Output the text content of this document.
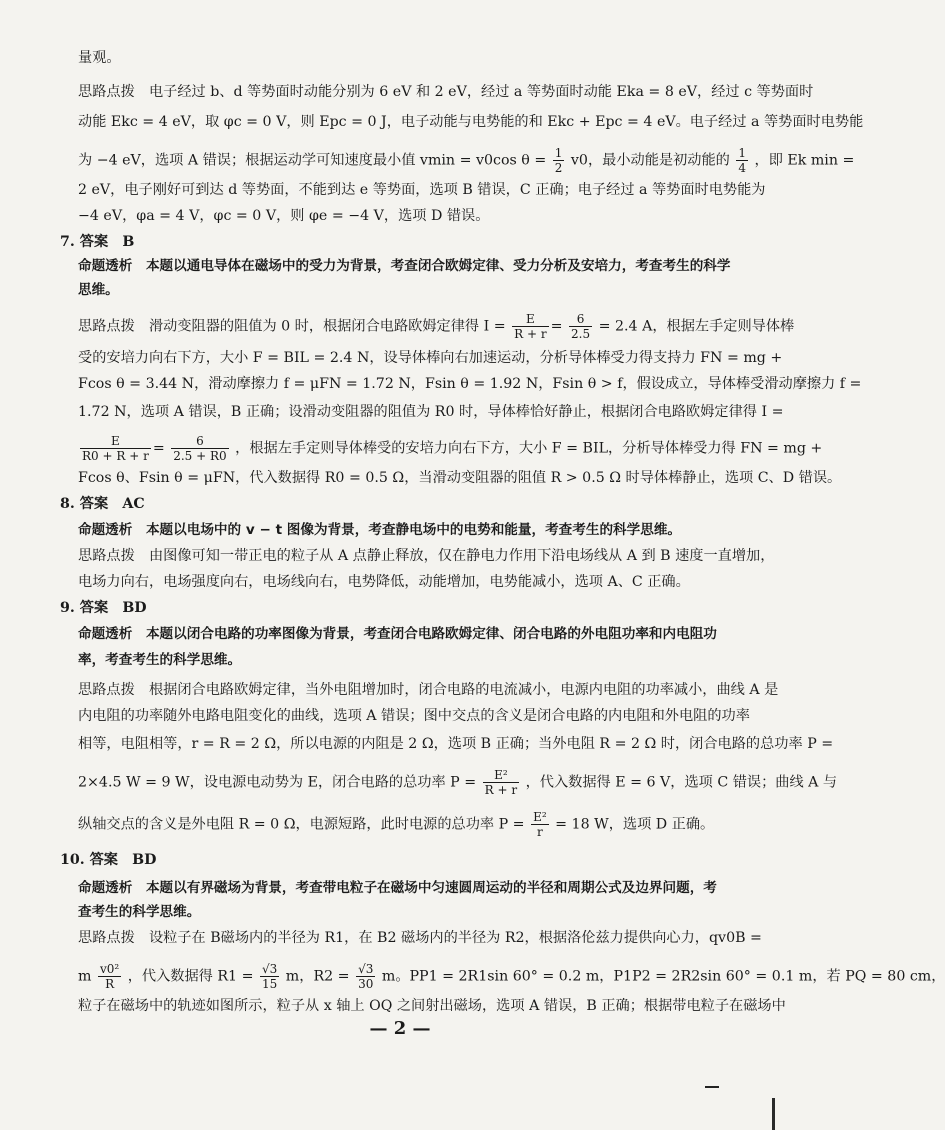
量观。
思路点拨　电子经过 b、d 等势面时动能分别为 6 eV 和 2 eV，经过 a 等势面时动能 Eka = 8 eV，经过 c 等势面时
动能 Ekc = 4 eV，取 φc = 0 V，则 Epc = 0 J，电子动能与电势能的和 Ekc + Epc = 4 eV。电子经过 a 等势面时电势能
为 −4 eV，选项 A 错误；根据运动学可知速度最小值 vmin = v0cos $\theta = \frac{1}{2} v0$，最小动能是初动能的 $\frac{1}{4}$ ，即 Ek min =
2 eV，电子刚好可到达 d 等势面，不能到达 e 等势面，选项 B 错误，C 正确；电子经过 a 等势面时电势能为
−4 eV，φa = 4 V，φc = 0 V，则 φe = −4 V，选项 D 错误。
7. 答案　B
命题透析　本题以通电导体在磁场中的受力为背景，考查闭合欧姆定律、受力分析及安培力，考查考生的科学
思维。
思路点拨　滑动变阻器的阻值为 0 时，根据闭合电路欧姆定律得 $I = \frac{E}{R + r} = \frac{6}{2.5} = 2.4$ A，根据左手定则导体棒
受的安培力向右下方，大小 F = BIL = 2.4 N，设导体棒向右加速运动，分析导体棒受力得支持力 FN = mg +
Fcos θ = 3.44 N，滑动摩擦力 f = μFN = 1.72 N，Fsin θ = 1.92 N，Fsin θ > f，假设成立，导体棒受滑动摩擦力 f =
1.72 N，选项 A 错误，B 正确；设滑动变阻器的阻值为 R0 时，导体棒恰好静止，根据闭合电路欧姆定律得 I =
$\frac{E}{R0 + R + r} = \frac{6}{2.5 + R0}$ ，根据左手定则导体棒受的安培力向右下方，大小 F = BIL，分析导体棒受力得 FN = mg +
Fcos θ、Fsin θ = μFN，代入数据得 R0 = 0.5 Ω，当滑动变阻器的阻值 R > 0.5 Ω 时导体棒静止，选项 C、D 错误。
8. 答案　AC
命题透析　本题以电场中的 v − t 图像为背景，考查静电场中的电势和能量，考查考生的科学思维。
思路点拨　由图像可知一带正电的粒子从 A 点静止释放，仅在静电力作用下沿电场线从 A 到 B 速度一直增加，
电场力向右，电场强度向右，电场线向右，电势降低，动能增加，电势能减小，选项 A、C 正确。
9. 答案　BD
命题透析　本题以闭合电路的功率图像为背景，考查闭合电路欧姆定律、闭合电路的外电阻功率和内电阻功
率，考查考生的科学思维。
思路点拨　根据闭合电路欧姆定律，当外电阻增加时，闭合电路的电流减小，电源内电阻的功率减小，曲线 A 是
内电阻的功率随外电路电阻变化的曲线，选项 A 错误；图中交点的含义是闭合电路的内电阻和外电阻的功率
相等，电阻相等，r = R = 2 Ω，所以电源的内阻是 2 Ω，选项 B 正确；当外电阻 R = 2 Ω 时，闭合电路的总功率 P =
2×4.5 W = 9 W，设电源电动势为 E，闭合电路的总功率 $P = \frac{\text{E²}}{R + r}$ ，代入数据得 E = 6 V，选项 C 错误；曲线 A 与
纵轴交点的含义是外电阻 R = 0 Ω，电源短路，此时电源的总功率 $P = \frac{\text{E²}}{r} = 18$ W，选项 D 正确。
10. 答案　BD
命题透析　本题以有界磁场为背景，考查带电粒子在磁场中匀速圆周运动的半径和周期公式及边界问题，考
查考生的科学思维。
思路点拨　设粒子在 B磁场内的半径为 R1，在 B2 磁场内的半径为 R2，根据洛伦兹力提供向心力，qv0B =
m $\frac{\text{v0²}}{R}$ ，代入数据得 $R1 = \frac{√3}{15}$ m，$R2 = \frac{√3}{30}$ m。PP1 = 2R1sin 60° = 0.2 m，P1P2 = 2R2sin 60° = 0.1 m，若 PQ = 80 cm，
粒子在磁场中的轨迹如图所示，粒子从 x 轴上 OQ 之间射出磁场，选项 A 错误，B 正确；根据带电粒子在磁场中
— 2 —
